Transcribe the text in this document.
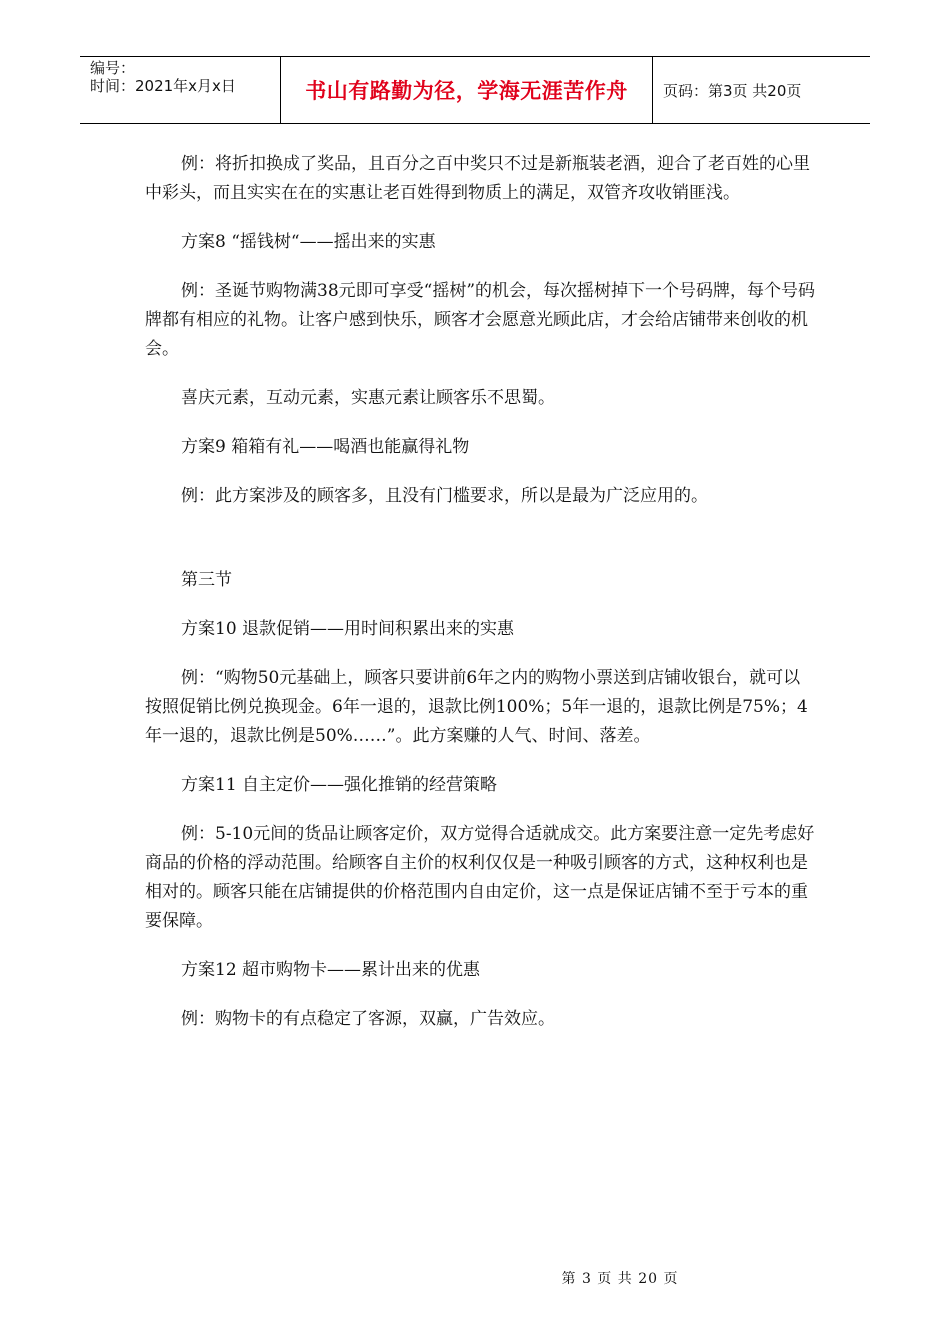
编号：
时间：2021年x月x日	书山有路勤为径，学海无涯苦作舟	页码：第3页 共20页

例：将折扣换成了奖品，且百分之百中奖只不过是新瓶装老酒，迎合了老百姓的心里中彩头，而且实实在在的实惠让老百姓得到物质上的满足，双管齐攻收销匪浅。

方案8 “摇钱树“——摇出来的实惠

例：圣诞节购物满38元即可享受“摇树”的机会，每次摇树掉下一个号码牌，每个号码牌都有相应的礼物。让客户感到快乐，顾客才会愿意光顾此店，才会给店铺带来创收的机会。

喜庆元素，互动元素，实惠元素让顾客乐不思蜀。

方案9 箱箱有礼——喝酒也能赢得礼物

例：此方案涉及的顾客多，且没有门槛要求，所以是最为广泛应用的。

第三节

方案10 退款促销——用时间积累出来的实惠

例：“购物50元基础上，顾客只要讲前6年之内的购物小票送到店铺收银台，就可以按照促销比例兑换现金。6年一退的，退款比例100%；5年一退的，退款比例是75%；4年一退的，退款比例是50%……”。此方案赚的人气、时间、落差。

方案11 自主定价——强化推销的经营策略

例：5-10元间的货品让顾客定价，双方觉得合适就成交。此方案要注意一定先考虑好商品的价格的浮动范围。给顾客自主价的权利仅仅是一种吸引顾客的方式，这种权利也是相对的。顾客只能在店铺提供的价格范围内自由定价，这一点是保证店铺不至于亏本的重要保障。

方案12 超市购物卡——累计出来的优惠

例：购物卡的有点稳定了客源，双赢，广告效应。

第 3 页 共 20 页
